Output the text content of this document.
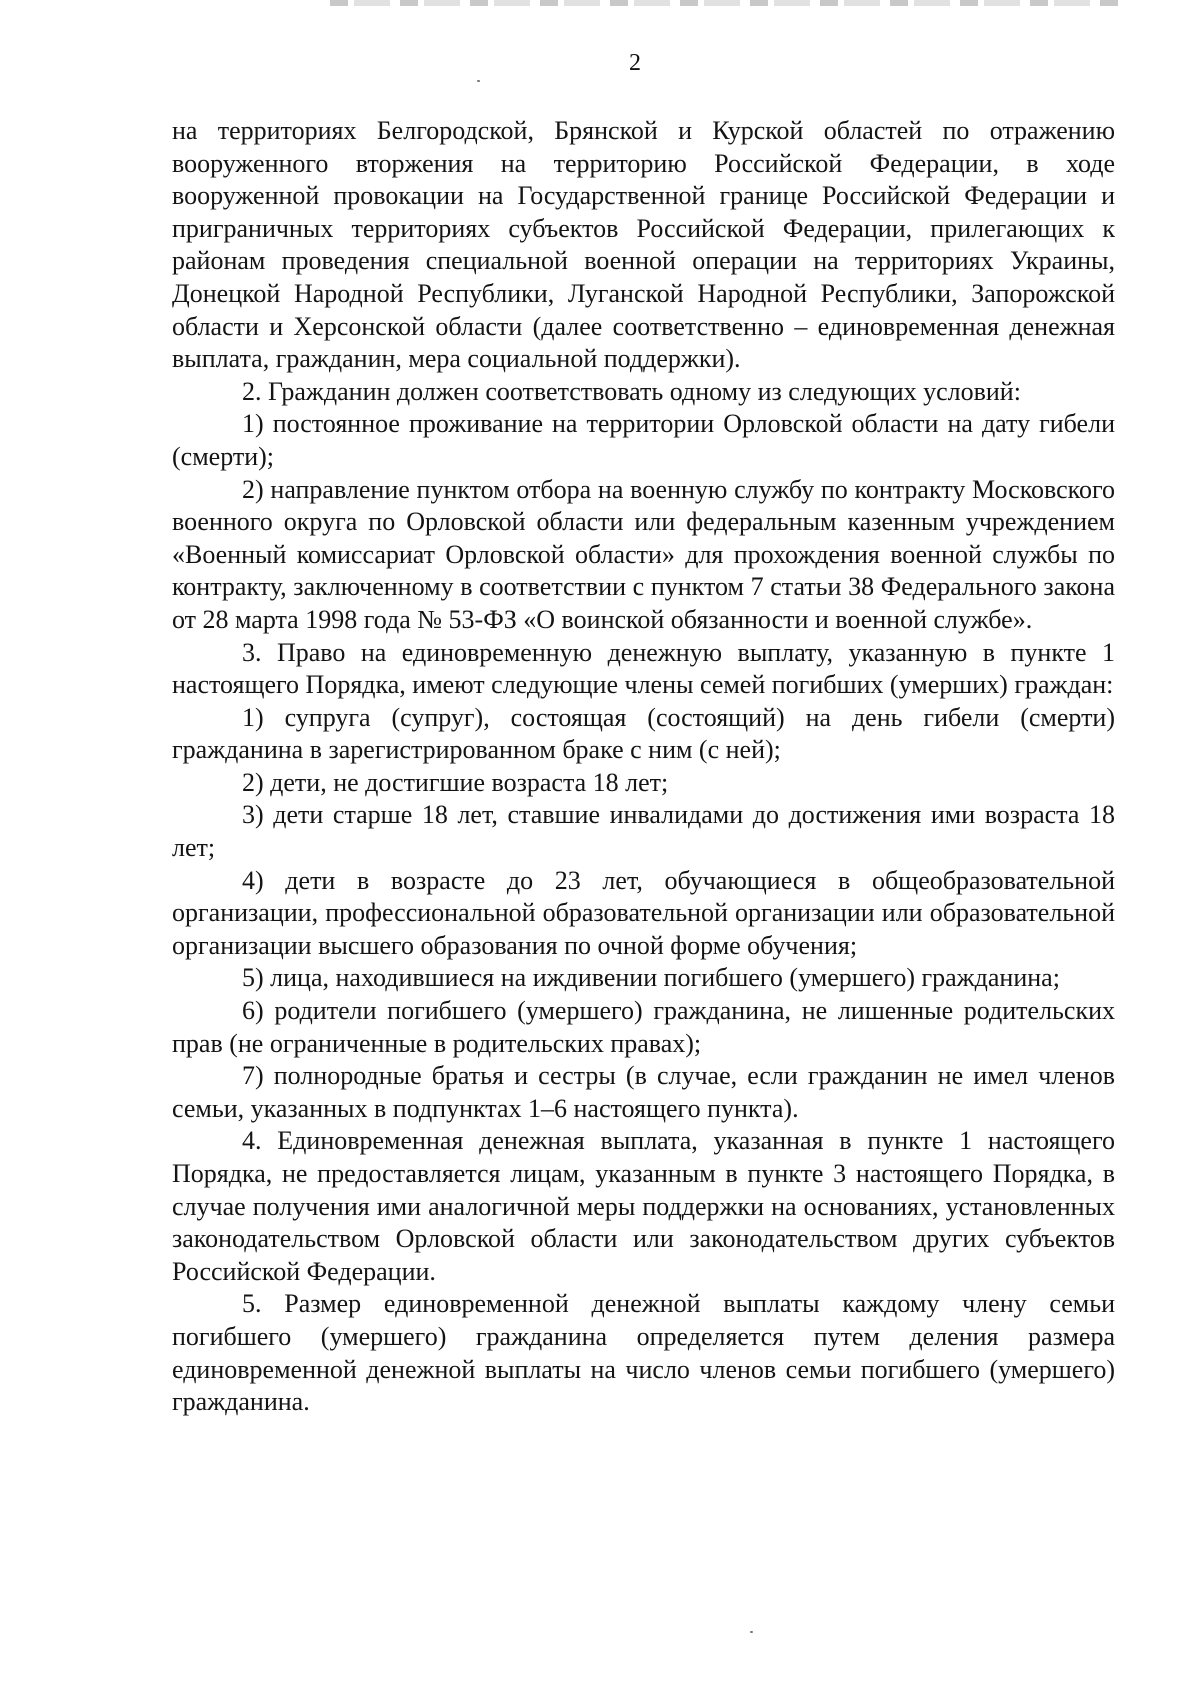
2

на территориях Белгородской, Брянской и Курской областей по отражению вооруженного вторжения на территорию Российской Федерации, в ходе вооруженной провокации на Государственной границе Российской Федерации и приграничных территориях субъектов Российской Федерации, прилегающих к районам проведения специальной военной операции на территориях Украины, Донецкой Народной Республики, Луганской Народной Республики, Запорожской области и Херсонской области (далее соответственно – единовременная денежная выплата, гражданин, мера социальной поддержки).

2. Гражданин должен соответствовать одному из следующих условий:

1) постоянное проживание на территории Орловской области на дату гибели (смерти);

2) направление пунктом отбора на военную службу по контракту Московского военного округа по Орловской области или федеральным казенным учреждением «Военный комиссариат Орловской области» для прохождения военной службы по контракту, заключенному в соответствии с пунктом 7 статьи 38 Федерального закона от 28 марта 1998 года № 53-ФЗ «О воинской обязанности и военной службе».

3. Право на единовременную денежную выплату, указанную в пункте 1 настоящего Порядка, имеют следующие члены семей погибших (умерших) граждан:

1) супруга (супруг), состоящая (состоящий) на день гибели (смерти) гражданина в зарегистрированном браке с ним (с ней);

2) дети, не достигшие возраста 18 лет;

3) дети старше 18 лет, ставшие инвалидами до достижения ими возраста 18 лет;

4) дети в возрасте до 23 лет, обучающиеся в общеобразовательной организации, профессиональной образовательной организации или образовательной организации высшего образования по очной форме обучения;

5) лица, находившиеся на иждивении погибшего (умершего) гражданина;

6) родители погибшего (умершего) гражданина, не лишенные родительских прав (не ограниченные в родительских правах);

7) полнородные братья и сестры (в случае, если гражданин не имел членов семьи, указанных в подпунктах 1–6 настоящего пункта).

4. Единовременная денежная выплата, указанная в пункте 1 настоящего Порядка, не предоставляется лицам, указанным в пункте 3 настоящего Порядка, в случае получения ими аналогичной меры поддержки на основаниях, установленных законодательством Орловской области или законодательством других субъектов Российской Федерации.

5. Размер единовременной денежной выплаты каждому члену семьи погибшего (умершего) гражданина определяется путем деления размера единовременной денежной выплаты на число членов семьи погибшего (умершего) гражданина.
